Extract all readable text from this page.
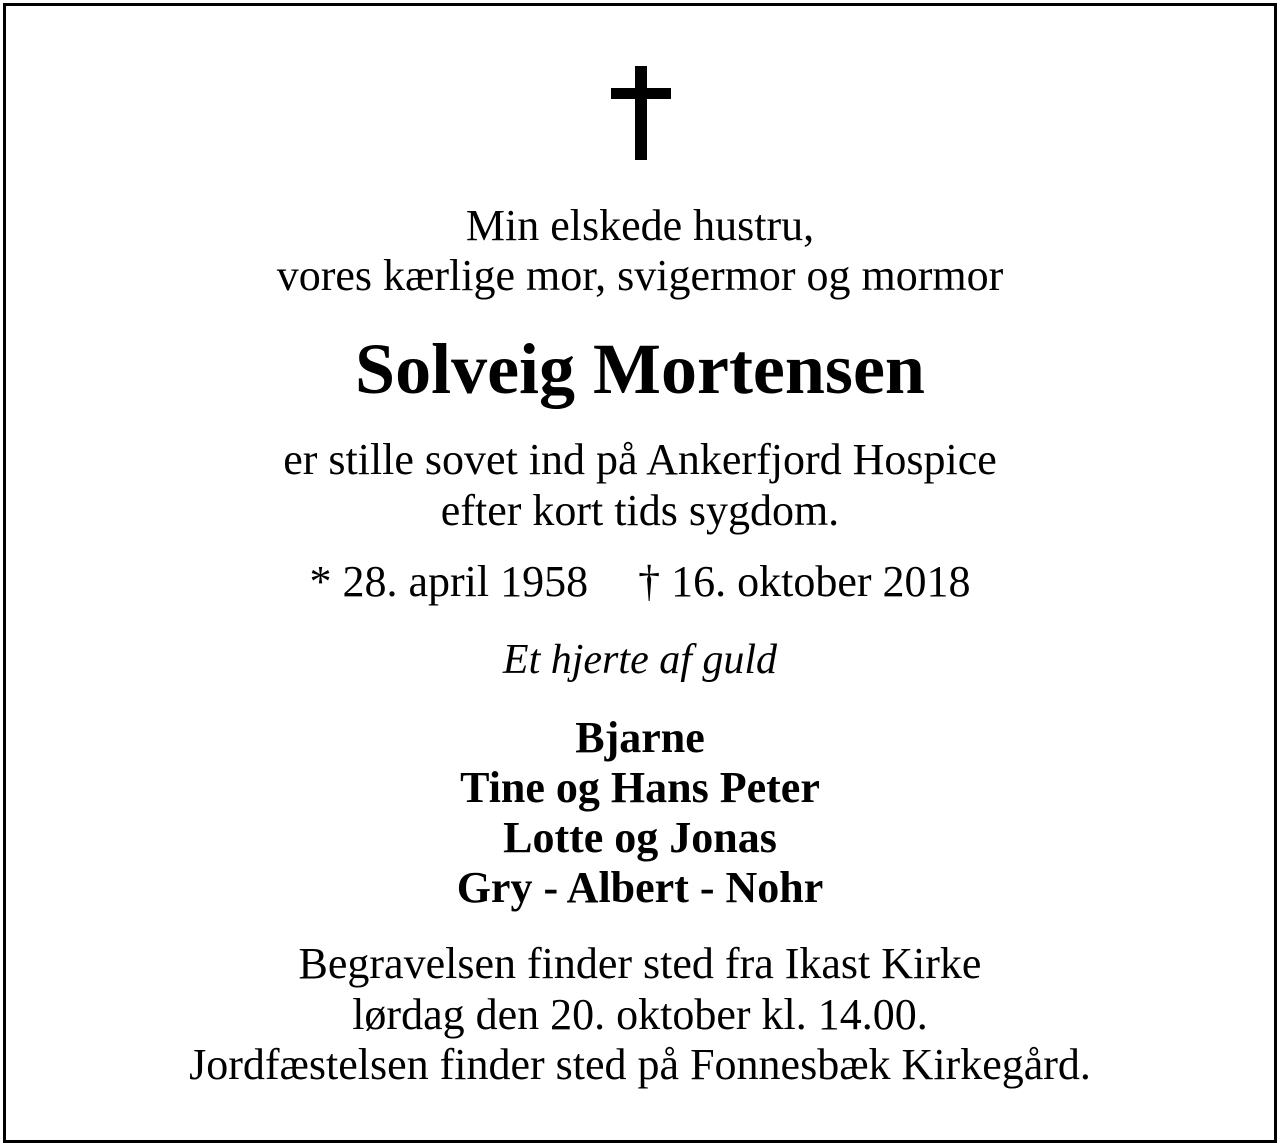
Min elskede hustru,
vores kærlige mor, svigermor og mormor
Solveig Mortensen
er stille sovet ind på Ankerfjord Hospice
efter kort tids sygdom.
* 28. april 1958 † 16. oktober 2018
Et hjerte af guld
Bjarne
Tine og Hans Peter
Lotte og Jonas
Gry - Albert - Nohr
Begravelsen finder sted fra Ikast Kirke
lørdag den 20. oktober kl. 14.00.
Jordfæstelsen finder sted på Fonnesbæk Kirkegård.
